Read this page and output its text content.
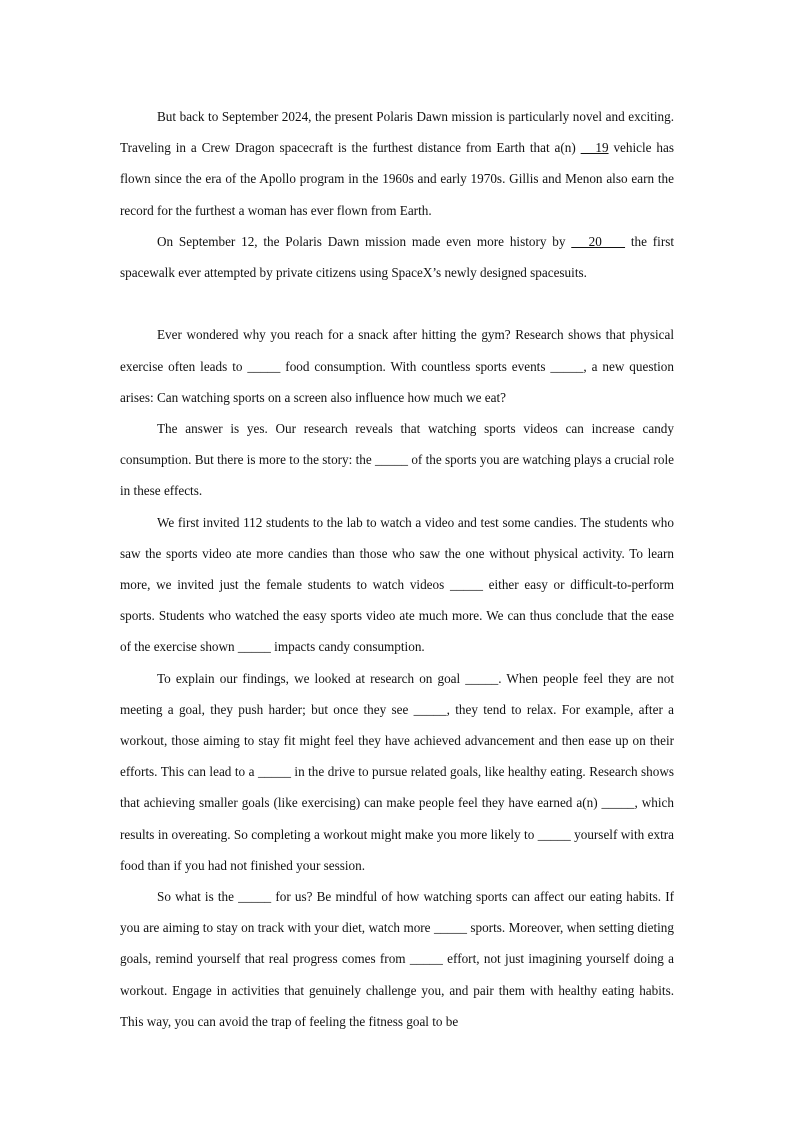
But back to September 2024, the present Polaris Dawn mission is particularly novel and exciting. Traveling in a Crew Dragon spacecraft is the furthest distance from Earth that a(n)    19 vehicle has flown since the era of the Apollo program in the 1960s and early 1970s. Gillis and Menon also earn the record for the furthest a woman has ever flown from Earth.

On September 12, the Polaris Dawn mission made even more history by    20     the first spacewalk ever attempted by private citizens using SpaceX’s newly designed spacesuits.

Ever wondered why you reach for a snack after hitting the gym? Research shows that physical exercise often leads to _____ food consumption. With countless sports events _____, a new question arises: Can watching sports on a screen also influence how much we eat?

The answer is yes. Our research reveals that watching sports videos can increase candy consumption. But there is more to the story: the _____ of the sports you are watching plays a crucial role in these effects.

We first invited 112 students to the lab to watch a video and test some candies. The students who saw the sports video ate more candies than those who saw the one without physical activity. To learn more, we invited just the female students to watch videos _____ either easy or difficult-to-perform sports. Students who watched the easy sports video ate much more. We can thus conclude that the ease of the exercise shown _____ impacts candy consumption.

To explain our findings, we looked at research on goal _____. When people feel they are not meeting a goal, they push harder; but once they see _____, they tend to relax. For example, after a workout, those aiming to stay fit might feel they have achieved advancement and then ease up on their efforts. This can lead to a _____ in the drive to pursue related goals, like healthy eating. Research shows that achieving smaller goals (like exercising) can make people feel they have earned a(n) _____, which results in overeating. So completing a workout might make you more likely to _____ yourself with extra food than if you had not finished your session.

So what is the _____ for us? Be mindful of how watching sports can affect our eating habits. If you are aiming to stay on track with your diet, watch more _____ sports. Moreover, when setting dieting goals, remind yourself that real progress comes from _____ effort, not just imagining yourself doing a workout. Engage in activities that genuinely challenge you, and pair them with healthy eating habits. This way, you can avoid the trap of feeling the fitness goal to be
